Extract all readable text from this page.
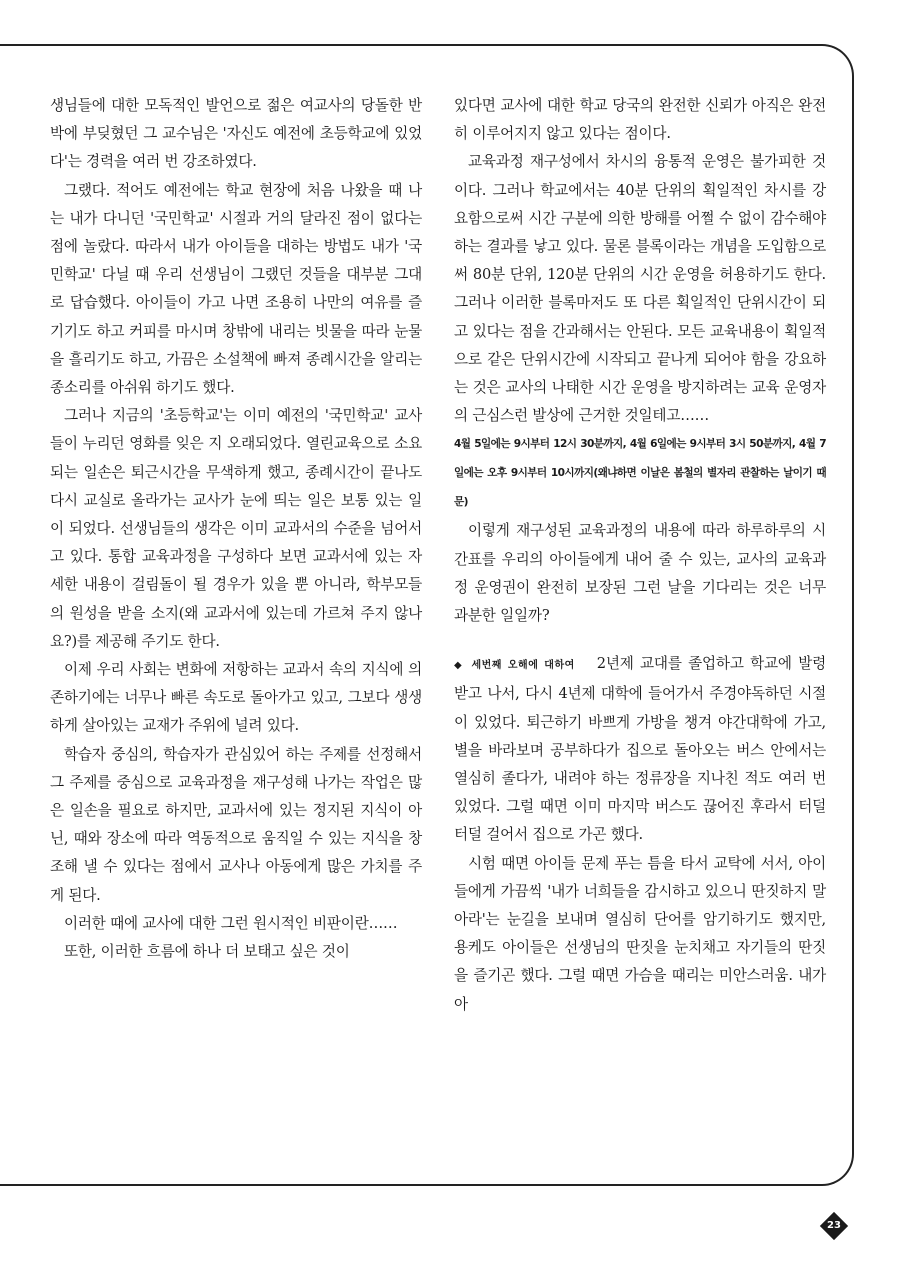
생님들에 대한 모독적인 발언으로 젊은 여교사의 당돌한 반박에 부딪혔던 그 교수님은 '자신도 예전에 초등학교에 있었다'는 경력을 여러 번 강조하였다.

그랬다. 적어도 예전에는 학교 현장에 처음 나왔을 때 나는 내가 다니던 '국민학교' 시절과 거의 달라진 점이 없다는 점에 놀랐다. 따라서 내가 아이들을 대하는 방법도 내가 '국민학교' 다닐 때 우리 선생님이 그랬던 것들을 대부분 그대로 답습했다. 아이들이 가고 나면 조용히 나만의 여유를 즐기기도 하고 커피를 마시며 창밖에 내리는 빗물을 따라 눈물을 흘리기도 하고, 가끔은 소설책에 빠져 종례시간을 알리는 종소리를 아쉬워 하기도 했다.

그러나 지금의 '초등학교'는 이미 예전의 '국민학교' 교사들이 누리던 영화를 잊은 지 오래되었다. 열린교육으로 소요되는 일손은 퇴근시간을 무색하게 했고, 종례시간이 끝나도 다시 교실로 올라가는 교사가 눈에 띄는 일은 보통 있는 일이 되었다. 선생님들의 생각은 이미 교과서의 수준을 넘어서고 있다. 통합 교육과정을 구성하다 보면 교과서에 있는 자세한 내용이 걸림돌이 될 경우가 있을 뿐 아니라, 학부모들의 원성을 받을 소지(왜 교과서에 있는데 가르쳐 주지 않나요?)를 제공해 주기도 한다.

이제 우리 사회는 변화에 저항하는 교과서 속의 지식에 의존하기에는 너무나 빠른 속도로 돌아가고 있고, 그보다 생생하게 살아있는 교재가 주위에 널려 있다.

학습자 중심의, 학습자가 관심있어 하는 주제를 선정해서 그 주제를 중심으로 교육과정을 재구성해 나가는 작업은 많은 일손을 필요로 하지만, 교과서에 있는 정지된 지식이 아닌, 때와 장소에 따라 역동적으로 움직일 수 있는 지식을 창조해 낼 수 있다는 점에서 교사나 아동에게 많은 가치를 주게 된다.

이러한 때에 교사에 대한 그런 원시적인 비판이란……

또한, 이러한 흐름에 하나 더 보태고 싶은 것이

있다면 교사에 대한 학교 당국의 완전한 신뢰가 아직은 완전히 이루어지지 않고 있다는 점이다.

교육과정 재구성에서 차시의 융통적 운영은 불가피한 것이다. 그러나 학교에서는 40분 단위의 획일적인 차시를 강요함으로써 시간 구분에 의한 방해를 어쩔 수 없이 감수해야 하는 결과를 낳고 있다. 물론 블록이라는 개념을 도입함으로써 80분 단위, 120분 단위의 시간 운영을 허용하기도 한다. 그러나 이러한 블록마저도 또 다른 획일적인 단위시간이 되고 있다는 점을 간과해서는 안된다. 모든 교육내용이 획일적으로 같은 단위시간에 시작되고 끝나게 되어야 함을 강요하는 것은 교사의 나태한 시간 운영을 방지하려는 교육 운영자의 근심스런 발상에 근거한 것일테고……

4월 5일에는 9시부터 12시 30분까지, 4월 6일에는 9시부터 3시 50분까지, 4월 7일에는 오후 9시부터 10시까지(왜냐하면 이날은 봄철의 별자리 관찰하는 날이기 때문)

이렇게 재구성된 교육과정의 내용에 따라 하루하루의 시간표를 우리의 아이들에게 내어 줄 수 있는, 교사의 교육과정 운영권이 완전히 보장된 그런 날을 기다리는 것은 너무 과분한 일일까?

◆ 세번째 오해에 대하여 2년제 교대를 졸업하고 학교에 발령받고 나서, 다시 4년제 대학에 들어가서 주경야독하던 시절이 있었다. 퇴근하기 바쁘게 가방을 챙겨 야간대학에 가고, 별을 바라보며 공부하다가 집으로 돌아오는 버스 안에서는 열심히 졸다가, 내려야 하는 정류장을 지나친 적도 여러 번 있었다. 그럴 때면 이미 마지막 버스도 끊어진 후라서 터덜터덜 걸어서 집으로 가곤 했다.

시험 때면 아이들 문제 푸는 틈을 타서 교탁에 서서, 아이들에게 가끔씩 '내가 너희들을 감시하고 있으니 딴짓하지 말아라'는 눈길을 보내며 열심히 단어를 암기하기도 했지만, 용케도 아이들은 선생님의 딴짓을 눈치채고 자기들의 딴짓을 즐기곤 했다. 그럴 때면 가슴을 때리는 미안스러움. 내가 아

23
